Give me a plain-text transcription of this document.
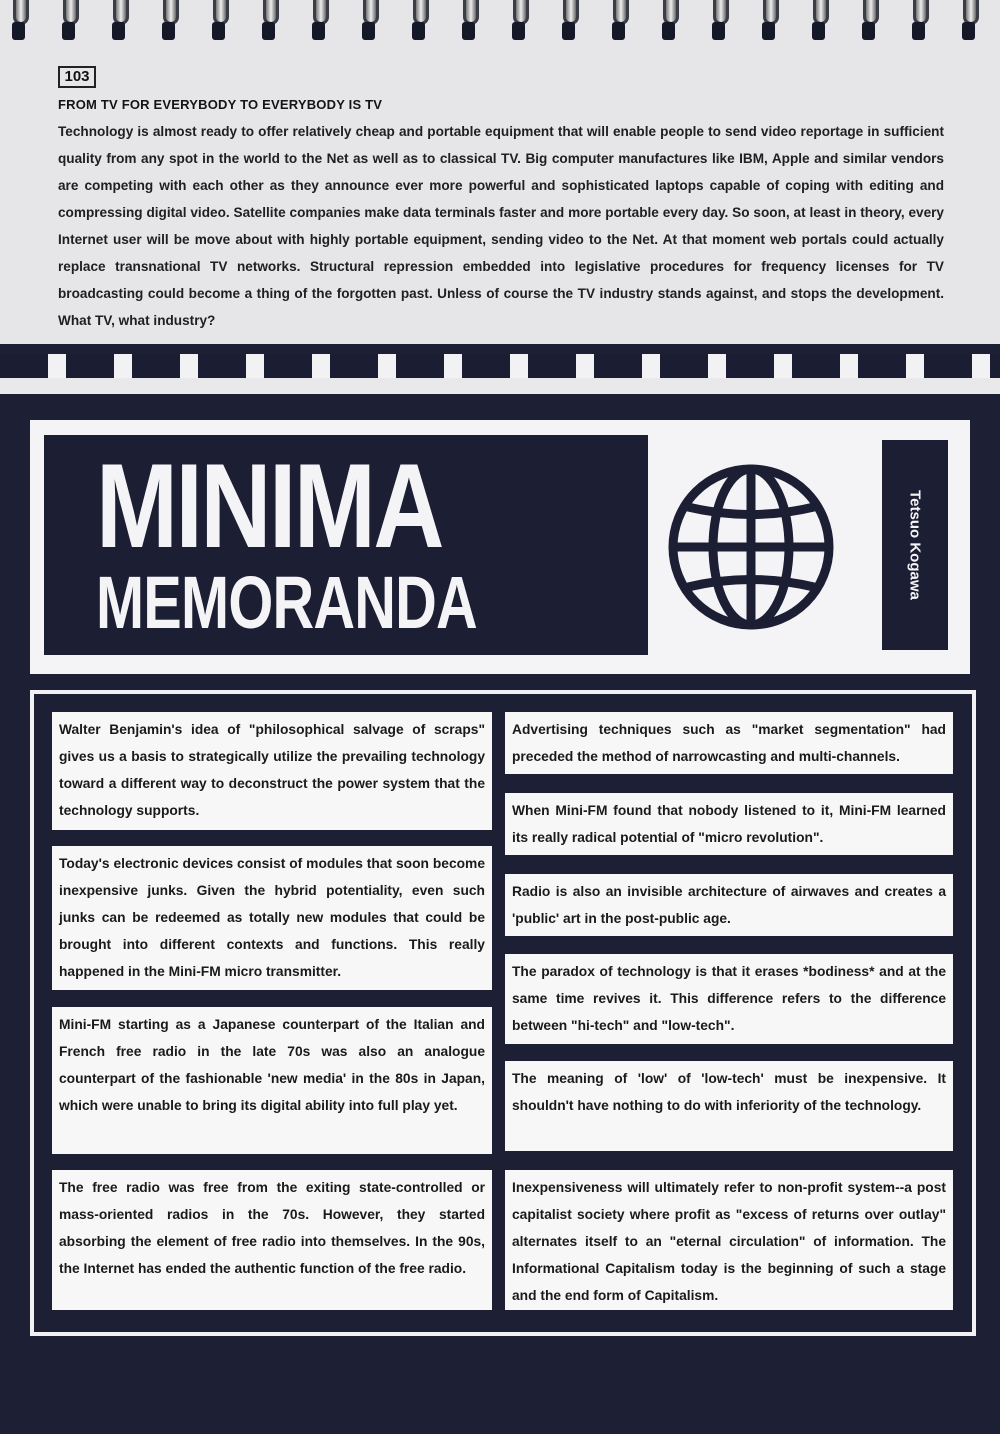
103
FROM TV FOR EVERYBODY TO EVERYBODY IS TV

Technology is almost ready to offer relatively cheap and portable equipment that will enable people to send video reportage in sufficient quality from any spot in the world to the Net as well as to classical TV. Big computer manufactures like IBM, Apple and similar vendors are competing with each other as they announce ever more powerful and sophisticated laptops capable of coping with editing and compressing digital video. Satellite companies make data terminals faster and more portable every day. So soon, at least in theory, every Internet user will be move about with highly portable equipment, sending video to the Net. At that moment web portals could actually replace transnational TV networks. Structural repression embedded into legislative procedures for frequency licenses for TV broadcasting could become a thing of the forgotten past. Unless of course the TV industry stands against, and stops the development. What TV, what industry?

MINIMA
MEMORANDA
Tetsuo Kogawa
Walter Benjamin's idea of "philosophical salvage of scraps" gives us a basis to strategically utilize the prevailing technology toward a different way to deconstruct the power system that the technology supports.
Today's electronic devices consist of modules that soon become inexpensive junks. Given the hybrid potentiality, even such junks can be redeemed as totally new modules that could be brought into different contexts and functions. This really happened in the Mini-FM micro transmitter.
Mini-FM starting as a Japanese counterpart of the Italian and French free radio in the late 70s was also an analogue counterpart of the fashionable 'new media' in the 80s in Japan, which were unable to bring its digital ability into full play yet.
The free radio was free from the exiting state-controlled or mass-oriented radios in the 70s. However, they started absorbing the element of free radio into themselves. In the 90s, the Internet has ended the authentic function of the free radio.
Advertising techniques such as "market segmentation" had preceded the method of narrowcasting and multi-channels.
When Mini-FM found that nobody listened to it, Mini-FM learned its really radical potential of "micro revolution".
Radio is also an invisible architecture of airwaves and creates a 'public' art in the post-public age.
The paradox of technology is that it erases *bodiness* and at the same time revives it. This difference refers to the difference between "hi-tech" and "low-tech".
The meaning of 'low' of 'low-tech' must be inexpensive. It shouldn't have nothing to do with inferiority of the technology.
Inexpensiveness will ultimately refer to non-profit system--a post capitalist society where profit as "excess of returns over outlay" alternates itself to an "eternal circulation" of information. The Informational Capitalism today is the beginning of such a stage and the end form of Capitalism.
